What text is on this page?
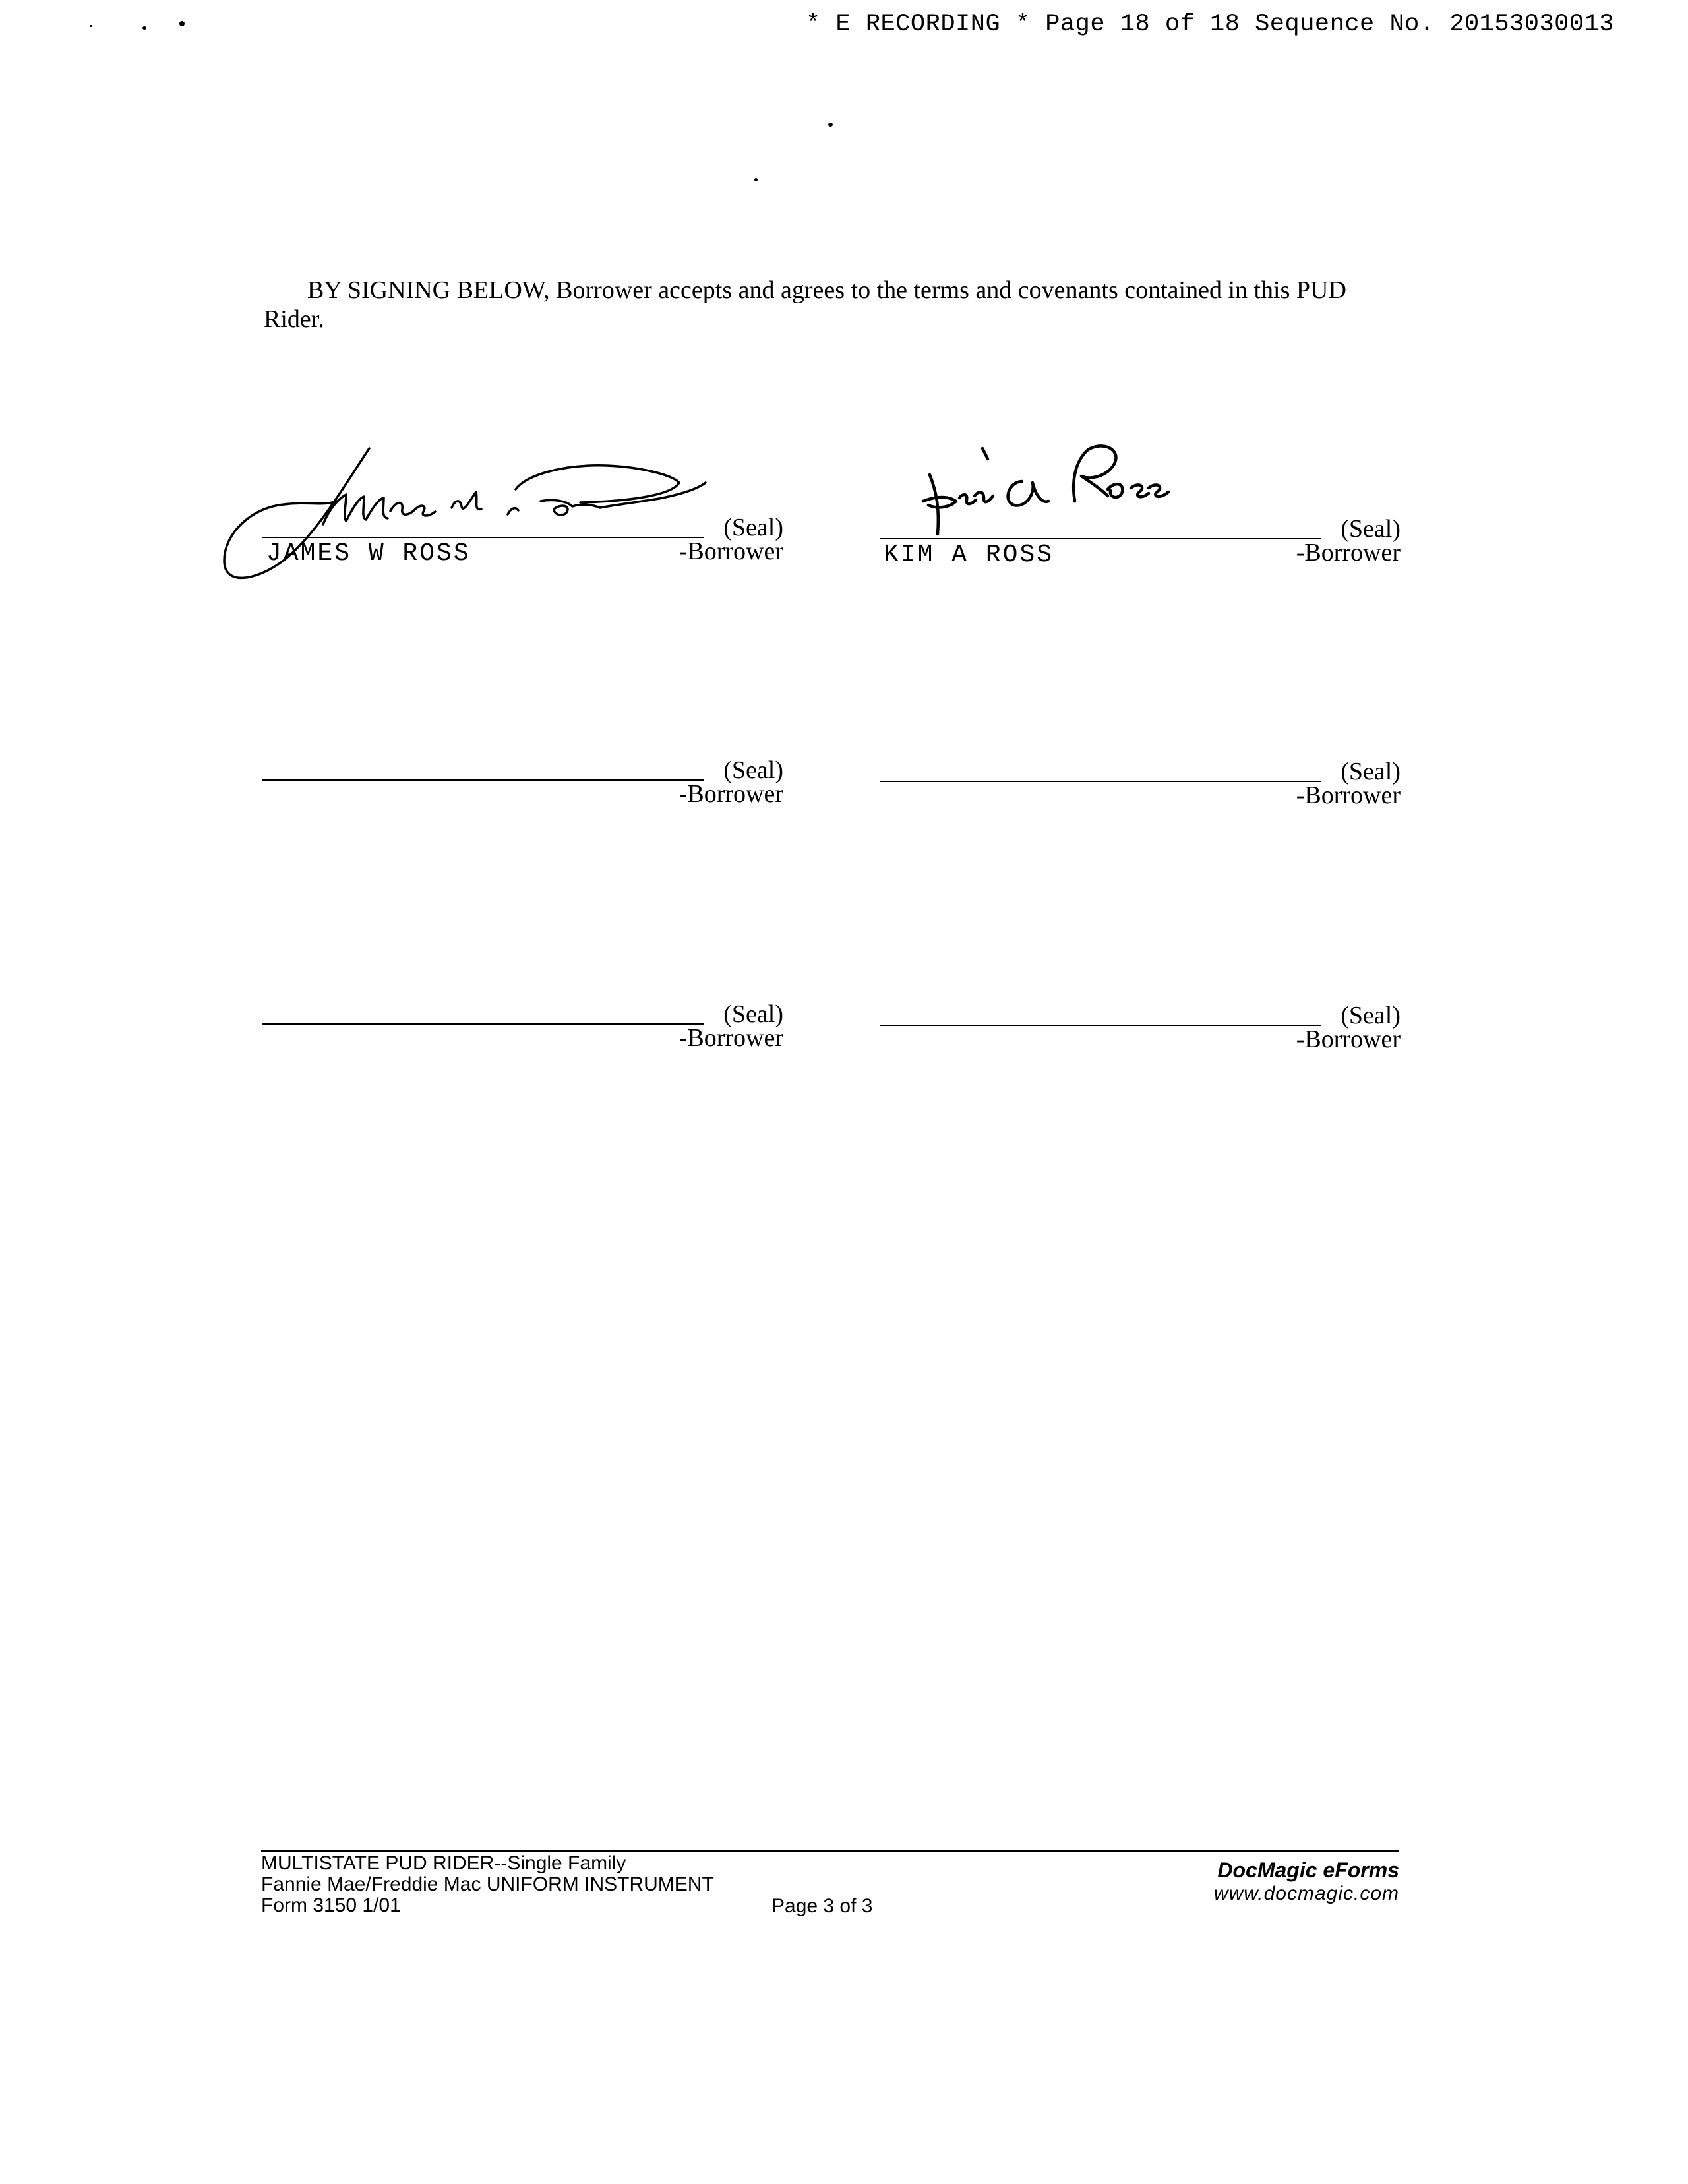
* E RECORDING * Page 18 of 18 Sequence No. 20153030013

BY SIGNING BELOW, Borrower accepts and agrees to the terms and covenants contained in this PUD Rider.

(Seal)
-Borrower
JAMES W ROSS
(Seal)
-Borrower
KIM A ROSS
(Seal)
-Borrower
(Seal)
-Borrower
(Seal)
-Borrower
(Seal)
-Borrower
MULTISTATE PUD RIDER--Single Family
Fannie Mae/Freddie Mac UNIFORM INSTRUMENT
Form 3150 1/01	Page 3 of 3
DocMagic eForms
www.docmagic.com
